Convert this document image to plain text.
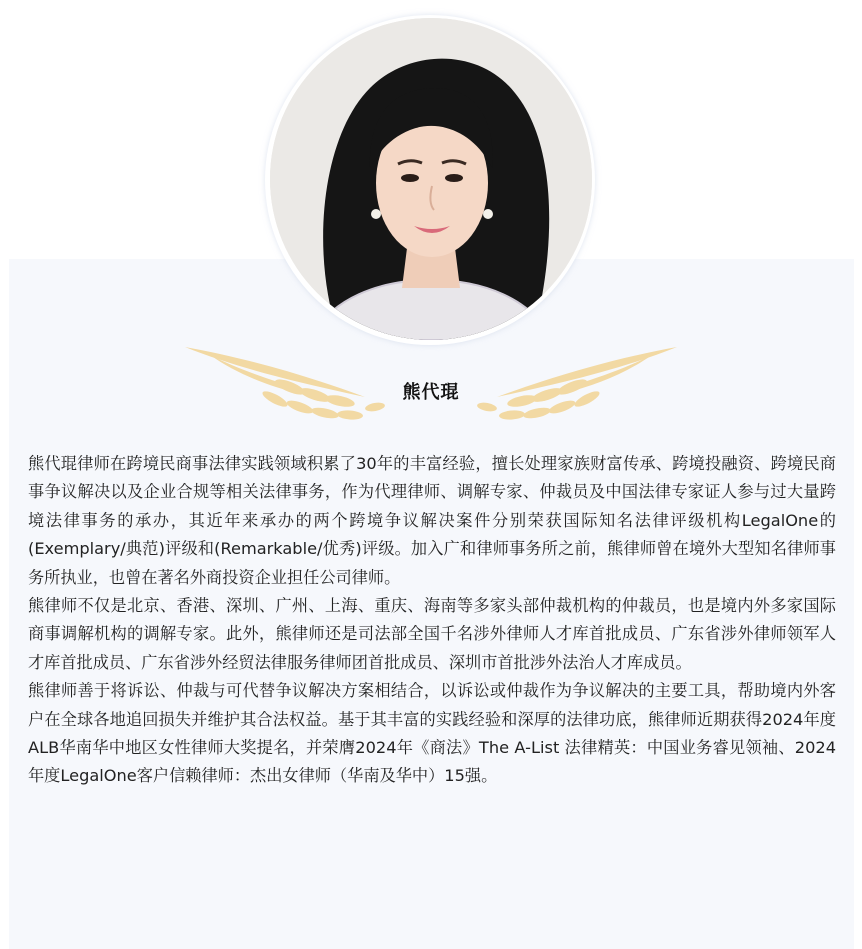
熊代琨

熊代琨律师在跨境民商事法律实践领域积累了30年的丰富经验，擅长处理家族财富传承、跨境投融资、跨境民商事争议解决以及企业合规等相关法律事务，作为代理律师、调解专家、仲裁员及中国法律专家证人参与过大量跨境法律事务的承办，其近年来承办的两个跨境争议解决案件分别荣获国际知名法律评级机构LegalOne的(Exemplary/典范)评级和(Remarkable/优秀)评级。加入广和律师事务所之前，熊律师曾在境外大型知名律师事务所执业，也曾在著名外商投资企业担任公司律师。

熊律师不仅是北京、香港、深圳、广州、上海、重庆、海南等多家头部仲裁机构的仲裁员，也是境内外多家国际商事调解机构的调解专家。此外，熊律师还是司法部全国千名涉外律师人才库首批成员、广东省涉外律师领军人才库首批成员、广东省涉外经贸法律服务律师团首批成员、深圳市首批涉外法治人才库成员。

熊律师善于将诉讼、仲裁与可代替争议解决方案相结合，以诉讼或仲裁作为争议解决的主要工具，帮助境内外客户在全球各地追回损失并维护其合法权益。基于其丰富的实践经验和深厚的法律功底，熊律师近期获得2024年度ALB华南华中地区女性律师大奖提名，并荣膺2024年《商法》The A-List 法律精英：中国业务睿见领袖、2024年度LegalOne客户信赖律师：杰出女律师（华南及华中）15强。
